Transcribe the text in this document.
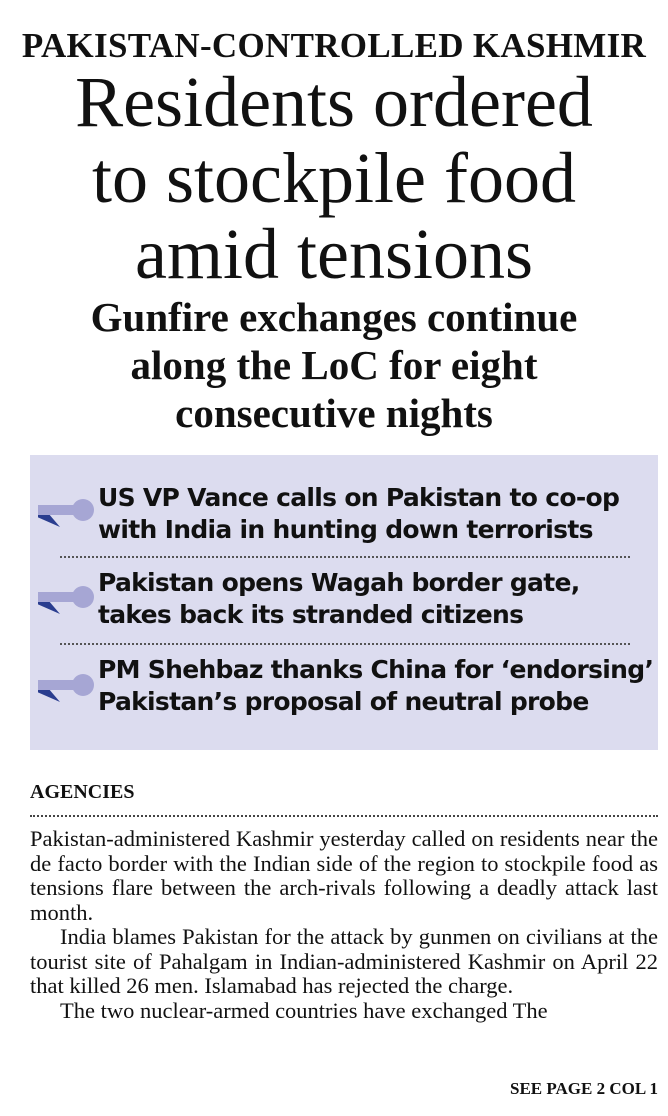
PAKISTAN-CONTROLLED KASHMIR
Residents ordered
to stockpile food
amid tensions
Gunfire exchanges continue
along the LoC for eight
consecutive nights
US VP Vance calls on Pakistan to co-op
with India in hunting down terrorists
Pakistan opens Wagah border gate,
takes back its stranded citizens
PM Shehbaz thanks China for ‘endorsing’
Pakistan’s proposal of neutral probe
AGENCIES

Pakistan-administered Kashmir yesterday called on residents near the de facto border with the Indian side of the region to stockpile food as tensions flare between the arch-rivals following a deadly attack last month.

India blames Pakistan for the attack by gunmen on civilians at the tourist site of Pahalgam in Indian-administered Kashmir on April 22 that killed 26 men. Islamabad has rejected the charge.

The two nuclear-armed countries have exchanged The

SEE PAGE 2 COL 1
